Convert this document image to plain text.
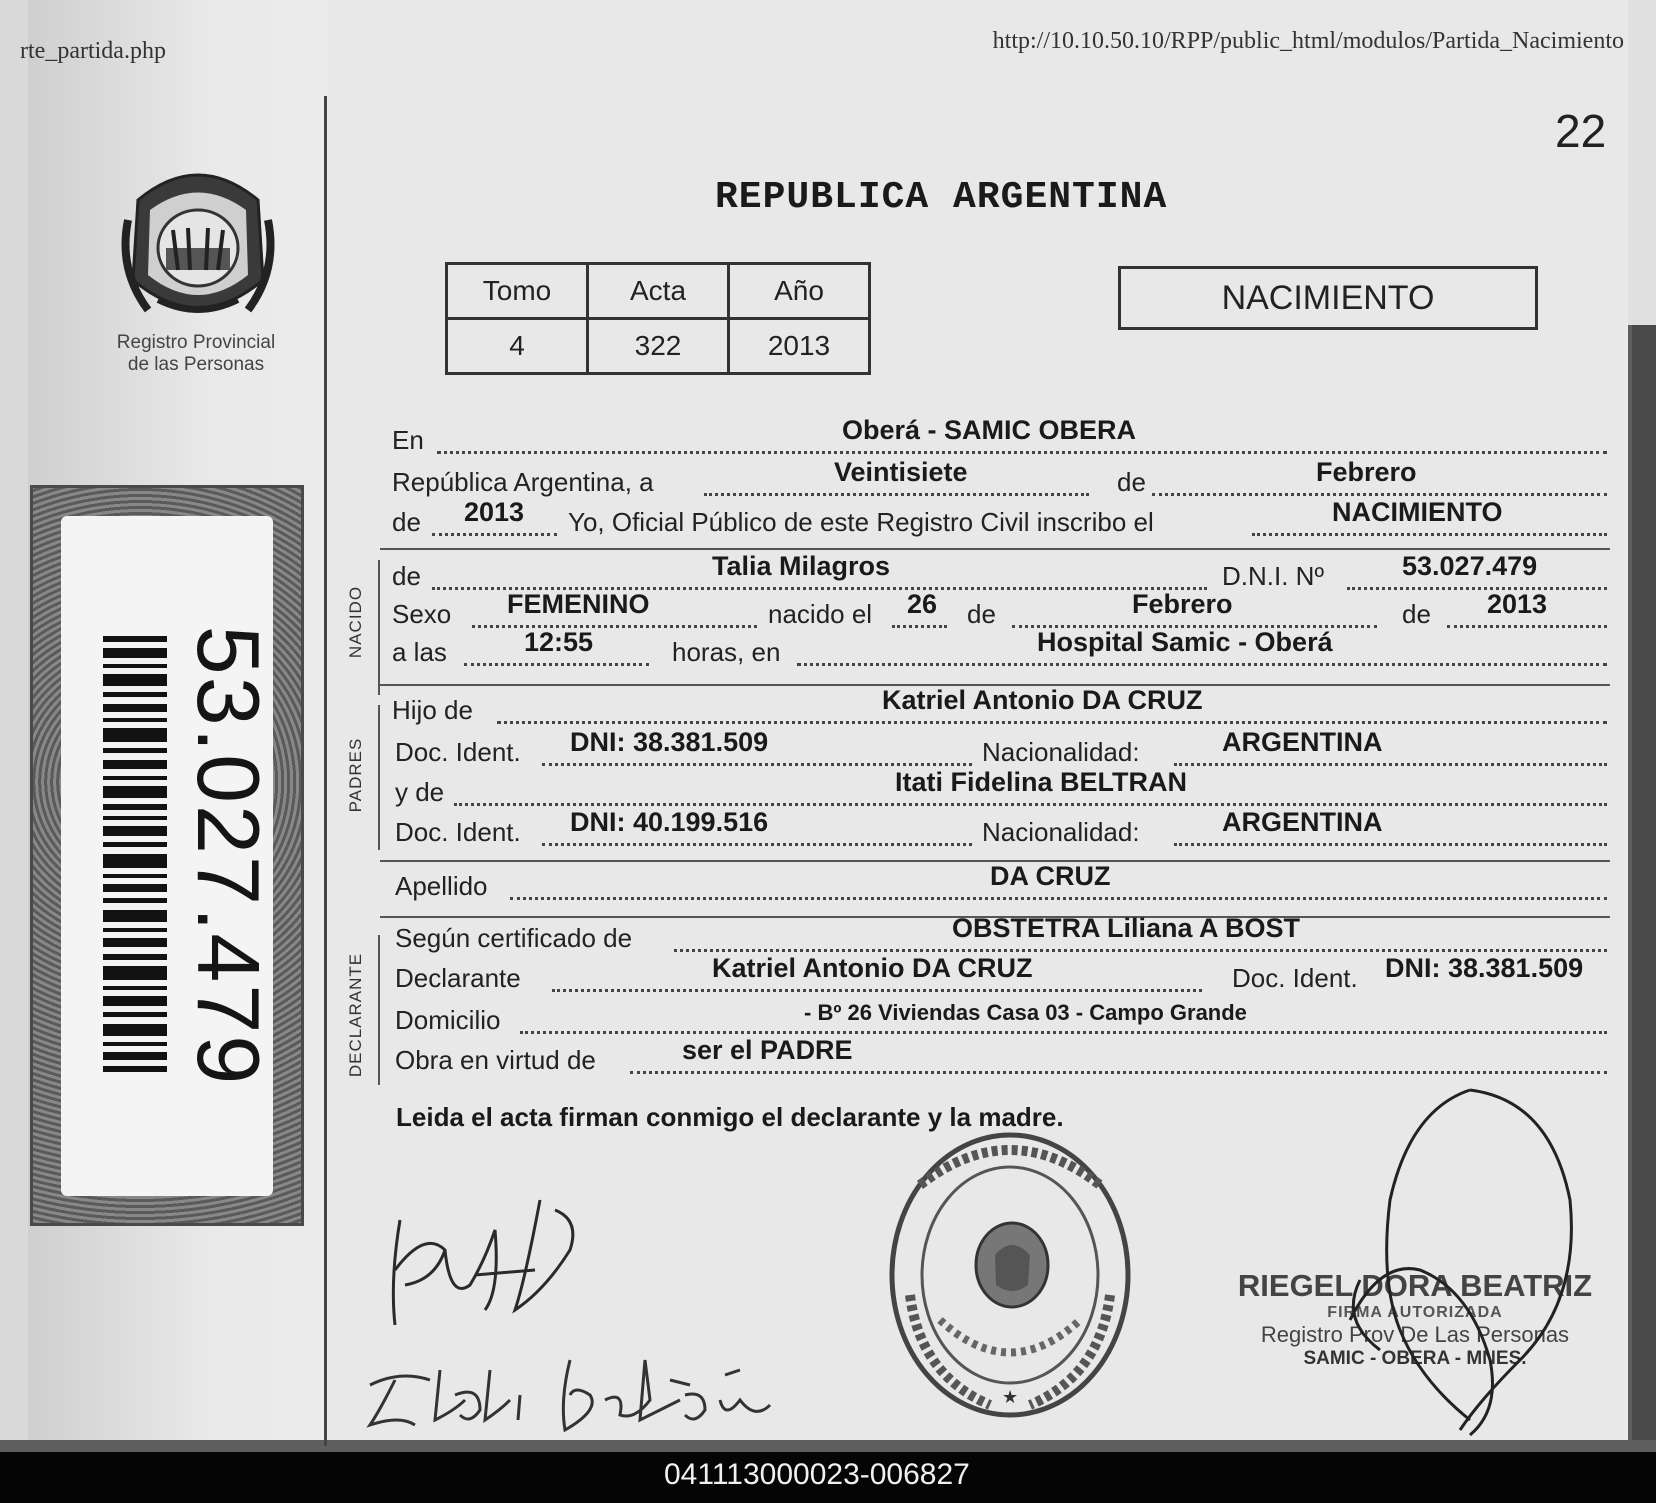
rte_partida.php	http://10.10.50.10/RPP/public_html/modulos/Partida_Nacimiento
22
Registro Provincial
de las Personas
53.027.479
REPUBLICA ARGENTINA
Tomo	Acta	Año
4	322	2013
NACIMIENTO
NACIDO
PADRES
DECLARANTE
En	Oberá - SAMIC OBERA
República Argentina, a	Veintisiete	de	Febrero
de 2013 Yo, Oficial Público de este Registro Civil inscribo el	NACIMIENTO
de	Talia Milagros	D.N.I. Nº	53.027.479
Sexo FEMENINO	nacido el 26 de	Febrero	de 2013
a las	12:55	horas, en	Hospital Samic - Oberá
Hijo de	Katriel Antonio DA CRUZ
Doc. Ident. DNI: 38.381.509	Nacionalidad:	ARGENTINA
y de	Itati Fidelina BELTRAN
Doc. Ident. DNI: 40.199.516	Nacionalidad:	ARGENTINA
Apellido	DA CRUZ
Según certificado de	OBSTETRA Liliana A BOST
Declarante	Katriel Antonio DA CRUZ	Doc. Ident. DNI: 38.381.509
Domicilio	- Bº 26 Viviendas Casa 03 - Campo Grande
Obra en virtud de	ser el PADRE
Leida el acta firman conmigo el declarante y la madre.
★
RIEGEL DORA BEATRIZ
FIRMA AUTORIZADA
Registro Prov De Las Personas
SAMIC - OBERA - MNES.
041113000023-006827
